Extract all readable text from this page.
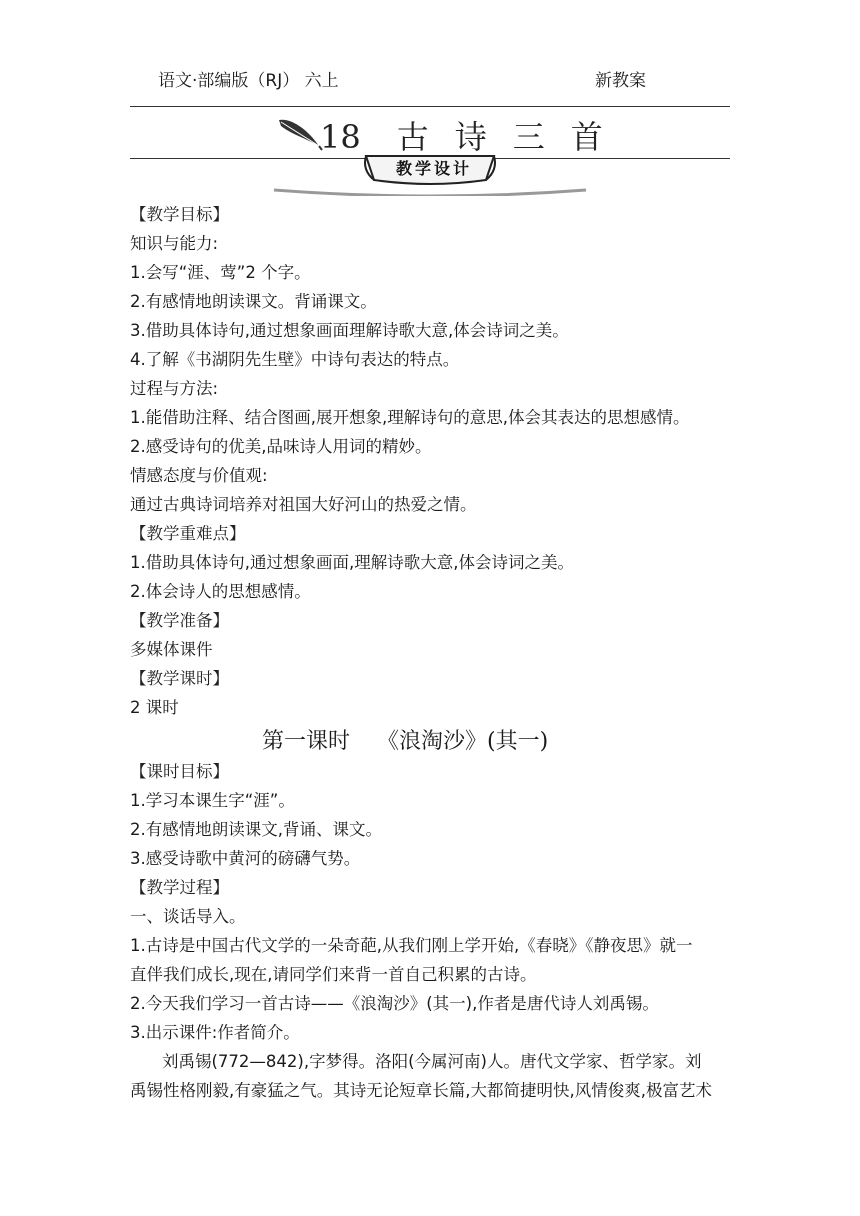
语文·部编版（RJ） 六上	新教案
18 古诗三首
教学设计
【教学目标】
知识与能力:
1.会写“涯、莺”2 个字。
2.有感情地朗读课文。背诵课文。
3.借助具体诗句,通过想象画面理解诗歌大意,体会诗词之美。
4.了解《书湖阴先生壁》中诗句表达的特点。
过程与方法:
1.能借助注释、结合图画,展开想象,理解诗句的意思,体会其表达的思想感情。
2.感受诗句的优美,品味诗人用词的精妙。
情感态度与价值观:
通过古典诗词培养对祖国大好河山的热爱之情。
【教学重难点】
1.借助具体诗句,通过想象画面,理解诗歌大意,体会诗词之美。
2.体会诗人的思想感情。
【教学准备】
多媒体课件
【教学课时】
2 课时
第一课时 《浪淘沙》(其一)
【课时目标】
1.学习本课生字“涯”。
2.有感情地朗读课文,背诵、课文。
3.感受诗歌中黄河的磅礴气势。
【教学过程】
一、谈话导入。
1.古诗是中国古代文学的一朵奇葩,从我们刚上学开始,《春晓》《静夜思》就一
直伴我们成长,现在,请同学们来背一首自己积累的古诗。
2.今天我们学习一首古诗——《浪淘沙》(其一),作者是唐代诗人刘禹锡。
3.出示课件:作者简介。
刘禹锡(772—842),字梦得。洛阳(今属河南)人。唐代文学家、哲学家。刘
禹锡性格刚毅,有豪猛之气。其诗无论短章长篇,大都简捷明快,风情俊爽,极富艺术
